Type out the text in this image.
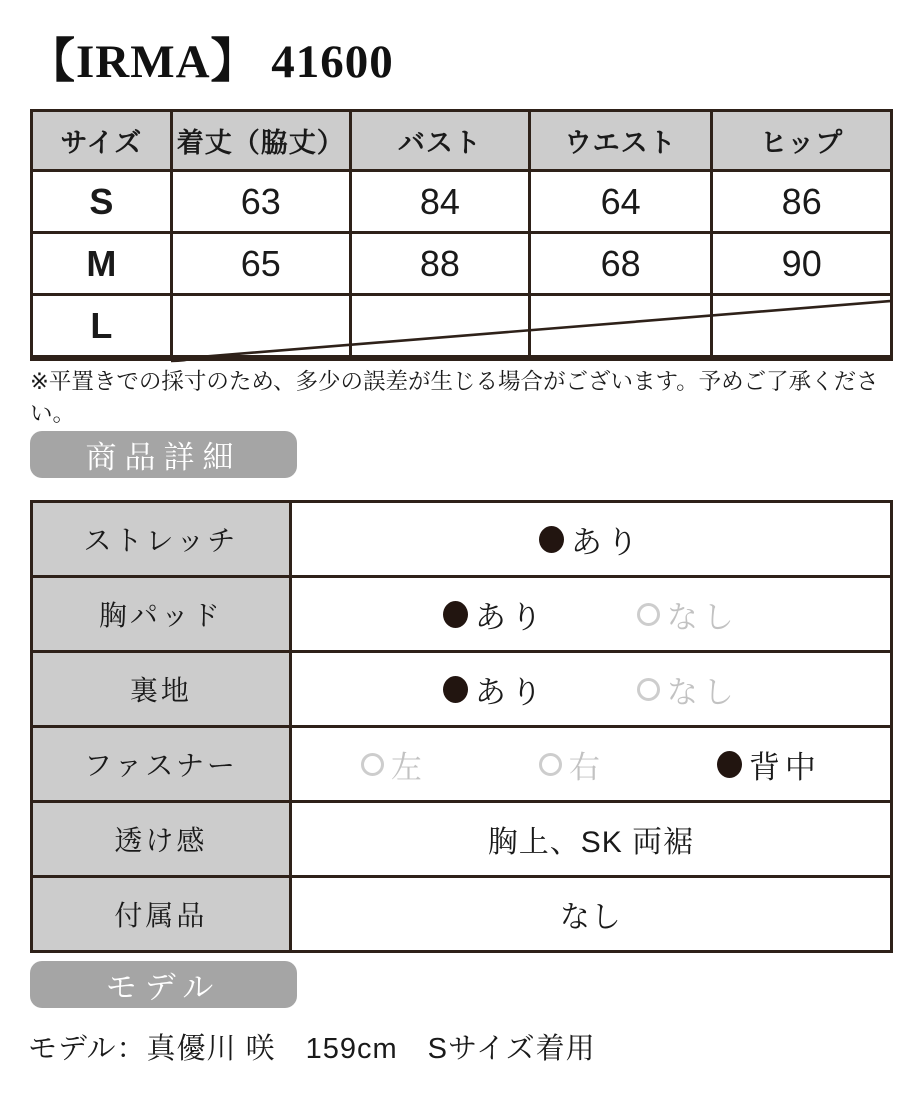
【IRMA】 41600
サイズ	着丈（脇丈）	バスト	ウエスト	ヒップ
S	63	84	64	86
M	65	88	68	90
L

※平置きでの採寸のため、多少の誤差が生じる場合がございます。予めご了承ください。

商品詳細
ストレッチ	あり
胸パッド	あり	なし
裏地	あり	なし
ファスナー	左	右	背中
透け感	胸上、SK 両裾
付属品	なし
モデル

モデル：真優川 咲　159cm　Sサイズ着用
